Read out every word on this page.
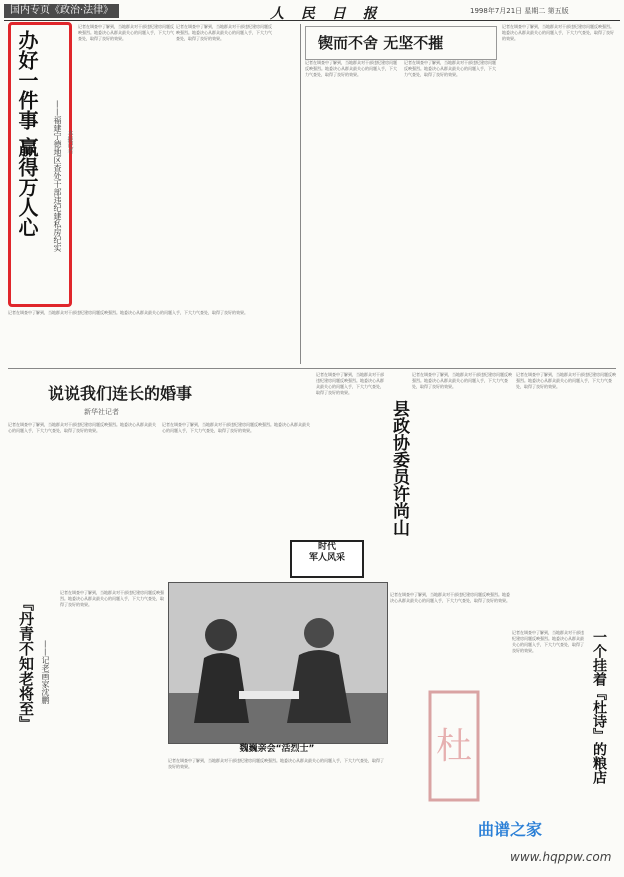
国内专页《政治·法律》	人 民 日 报	1998年7月21日 星期二 第五版
办好一件事 赢得万人心 ——福建宁德地区查处干部违纪建私房纪实 本报记者
记者在调查中了解到，当地群众对干部违纪建房问题反映强烈。地委决心从群众最关心的问题入手，下大力气查处，取得了良好的效果。
记者在调查中了解到，当地群众对干部违纪建房问题反映强烈。地委决心从群众最关心的问题入手，下大力气查处，取得了良好的效果。
记者在调查中了解到，当地群众对干部违纪建房问题反映强烈。地委决心从群众最关心的问题入手，下大力气查处，取得了良好的效果。
锲而不舍 无坚不摧
记者在调查中了解到，当地群众对干部违纪建房问题反映强烈。地委决心从群众最关心的问题入手，下大力气查处，取得了良好的效果。
记者在调查中了解到，当地群众对干部违纪建房问题反映强烈。地委决心从群众最关心的问题入手，下大力气查处，取得了良好的效果。
记者在调查中了解到，当地群众对干部违纪建房问题反映强烈。地委决心从群众最关心的问题入手，下大力气查处，取得了良好的效果。
说说我们连长的婚事
新华社记者
记者在调查中了解到，当地群众对干部违纪建房问题反映强烈。地委决心从群众最关心的问题入手，下大力气查处，取得了良好的效果。
记者在调查中了解到，当地群众对干部违纪建房问题反映强烈。地委决心从群众最关心的问题入手，下大力气查处，取得了良好的效果。
记者在调查中了解到，当地群众对干部违纪建房问题反映强烈。地委决心从群众最关心的问题入手，下大力气查处，取得了良好的效果。
时代
军人风采
县政协委员许尚山
记者在调查中了解到，当地群众对干部违纪建房问题反映强烈。地委决心从群众最关心的问题入手，下大力气查处，取得了良好的效果。
记者在调查中了解到，当地群众对干部违纪建房问题反映强烈。地委决心从群众最关心的问题入手，下大力气查处，取得了良好的效果。
『丹青不知老将至』 ——记老画家沈鹏
记者在调查中了解到，当地群众对干部违纪建房问题反映强烈。地委决心从群众最关心的问题入手，下大力气查处，取得了良好的效果。
魏巍亲会“活烈士”
记者在调查中了解到，当地群众对干部违纪建房问题反映强烈。地委决心从群众最关心的问题入手，下大力气查处，取得了良好的效果。
记者在调查中了解到，当地群众对干部违纪建房问题反映强烈。地委决心从群众最关心的问题入手，下大力气查处，取得了良好的效果。
杜	一个挂着『杜诗』的粮店
记者在调查中了解到，当地群众对干部违纪建房问题反映强烈。地委决心从群众最关心的问题入手，下大力气查处，取得了良好的效果。
曲谱之家
www.hqppw.com
